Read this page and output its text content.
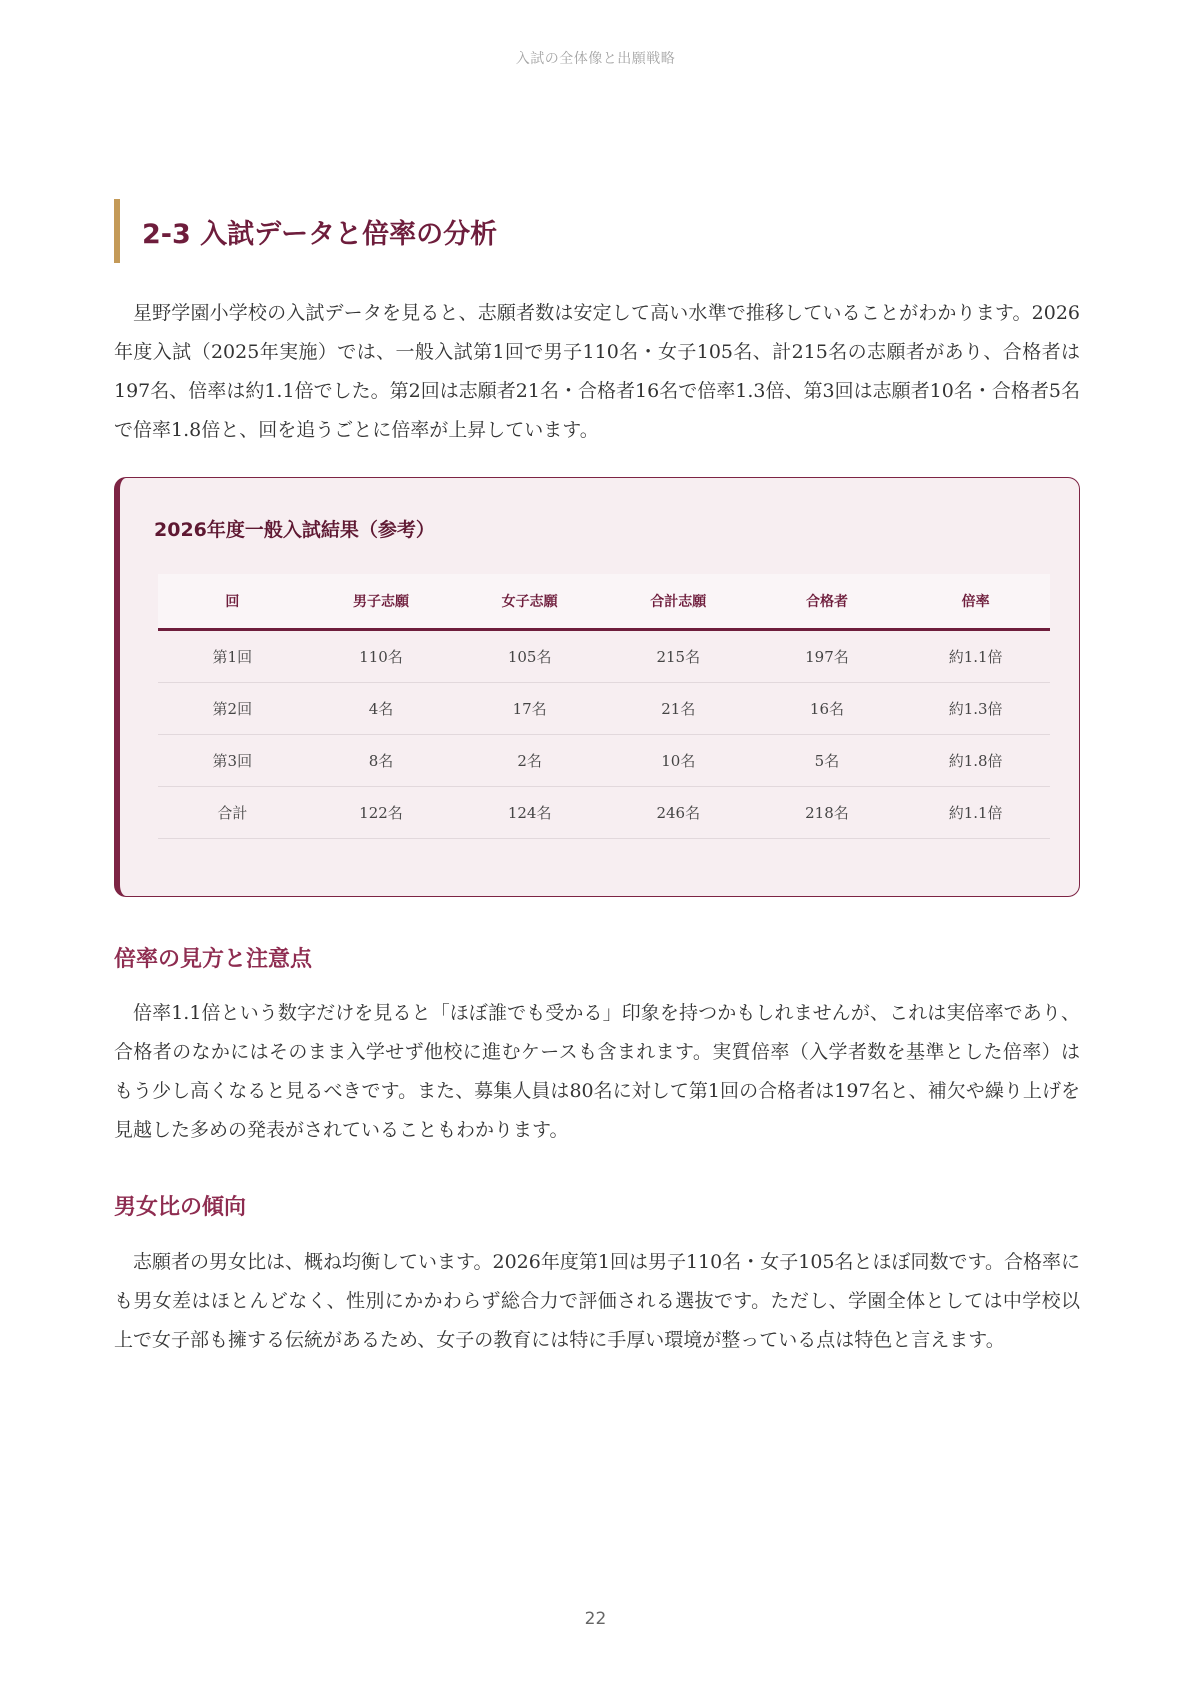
入試の全体像と出願戦略
2-3 入試データと倍率の分析

星野学園小学校の入試データを見ると、志願者数は安定して高い水準で推移していることがわかります。2026年度入試（2025年実施）では、一般入試第1回で男子110名・女子105名、計215名の志願者があり、合格者は197名、倍率は約1.1倍でした。第2回は志願者21名・合格者16名で倍率1.3倍、第3回は志願者10名・合格者5名で倍率1.8倍と、回を追うごとに倍率が上昇しています。

2026年度一般入試結果（参考）
回	男子志願	女子志願	合計志願	合格者	倍率
第1回	110名	105名	215名	197名	約1.1倍
第2回	4名	17名	21名	16名	約1.3倍
第3回	8名	2名	10名	5名	約1.8倍
合計	122名	124名	246名	218名	約1.1倍
倍率の見方と注意点

倍率1.1倍という数字だけを見ると「ほぼ誰でも受かる」印象を持つかもしれませんが、これは実倍率であり、合格者のなかにはそのまま入学せず他校に進むケースも含まれます。実質倍率（入学者数を基準とした倍率）はもう少し高くなると見るべきです。また、募集人員は80名に対して第1回の合格者は197名と、補欠や繰り上げを見越した多めの発表がされていることもわかります。

男女比の傾向

志願者の男女比は、概ね均衡しています。2026年度第1回は男子110名・女子105名とほぼ同数です。合格率にも男女差はほとんどなく、性別にかかわらず総合力で評価される選抜です。ただし、学園全体としては中学校以上で女子部も擁する伝統があるため、女子の教育には特に手厚い環境が整っている点は特色と言えます。

22
